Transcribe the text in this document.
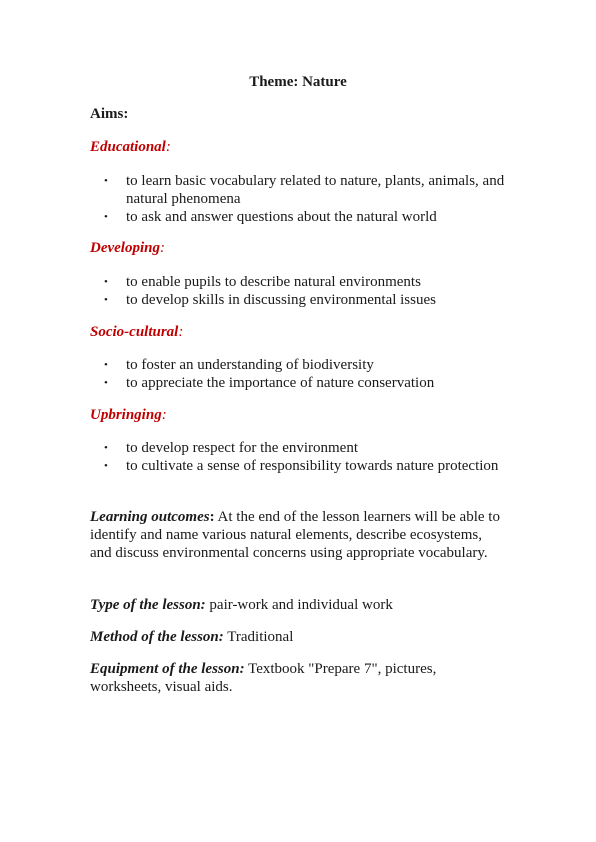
Theme: Nature
Aims:
Educational:
• to learn basic vocabulary related to nature, plants, animals, and natural phenomena
• to ask and answer questions about the natural world
Developing:
• to enable pupils to describe natural environments
• to develop skills in discussing environmental issues
Socio-cultural:
• to foster an understanding of biodiversity
• to appreciate the importance of nature conservation
Upbringing:
• to develop respect for the environment
• to cultivate a sense of responsibility towards nature protection
Learning outcomes: At the end of the lesson learners will be able to identify and name various natural elements, describe ecosystems, and discuss environmental concerns using appropriate vocabulary.
Type of the lesson: pair-work and individual work
Method of the lesson: Traditional
Equipment of the lesson: Textbook "Prepare 7", pictures, worksheets, visual aids.
